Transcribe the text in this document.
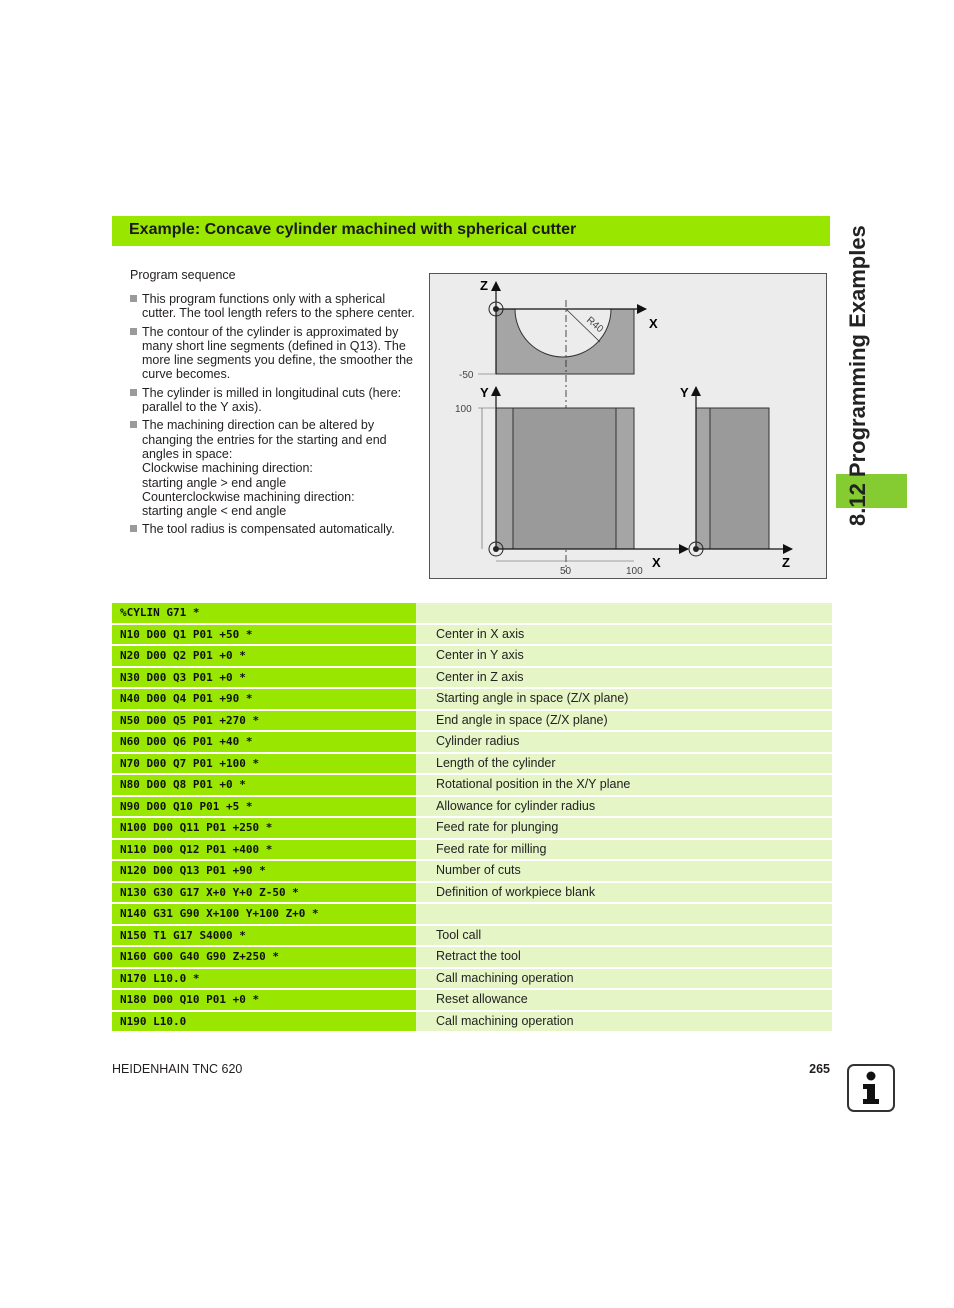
Example: Concave cylinder machined with spherical cutter	8.12 Programming Examples
Program sequence
This program functions only with a spherical cutter. The tool length refers to the sphere center.
The contour of the cylinder is approximated by many short line segments (defined in Q13). The more line segments you define, the smoother the curve becomes.
The cylinder is milled in longitudinal cuts (here: parallel to the Y axis).
The machining direction can be altered by changing the entries for the starting and end angles in space:
Clockwise machining direction:
starting angle > end angle
Counterclockwise machining direction:
starting angle < end angle
The tool radius is compensated automatically.
Z
X
R40
-50
Y
100
X
50	100
Y
Z
%CYLIN G71 *
N10 D00 Q1 P01 +50 *	Center in X axis
N20 D00 Q2 P01 +0 *	Center in Y axis
N30 D00 Q3 P01 +0 *	Center in Z axis
N40 D00 Q4 P01 +90 *	Starting angle in space (Z/X plane)
N50 D00 Q5 P01 +270 *	End angle in space (Z/X plane)
N60 D00 Q6 P01 +40 *	Cylinder radius
N70 D00 Q7 P01 +100 *	Length of the cylinder
N80 D00 Q8 P01 +0 *	Rotational position in the X/Y plane
N90 D00 Q10 P01 +5 *	Allowance for cylinder radius
N100 D00 Q11 P01 +250 *	Feed rate for plunging
N110 D00 Q12 P01 +400 *	Feed rate for milling
N120 D00 Q13 P01 +90 *	Number of cuts
N130 G30 G17 X+0 Y+0 Z-50 *	Definition of workpiece blank
N140 G31 G90 X+100 Y+100 Z+0 *
N150 T1 G17 S4000 *	Tool call
N160 G00 G40 G90 Z+250 *	Retract the tool
N170 L10.0 *	Call machining operation
N180 D00 Q10 P01 +0 *	Reset allowance
N190 L10.0	Call machining operation
HEIDENHAIN TNC 620	265
